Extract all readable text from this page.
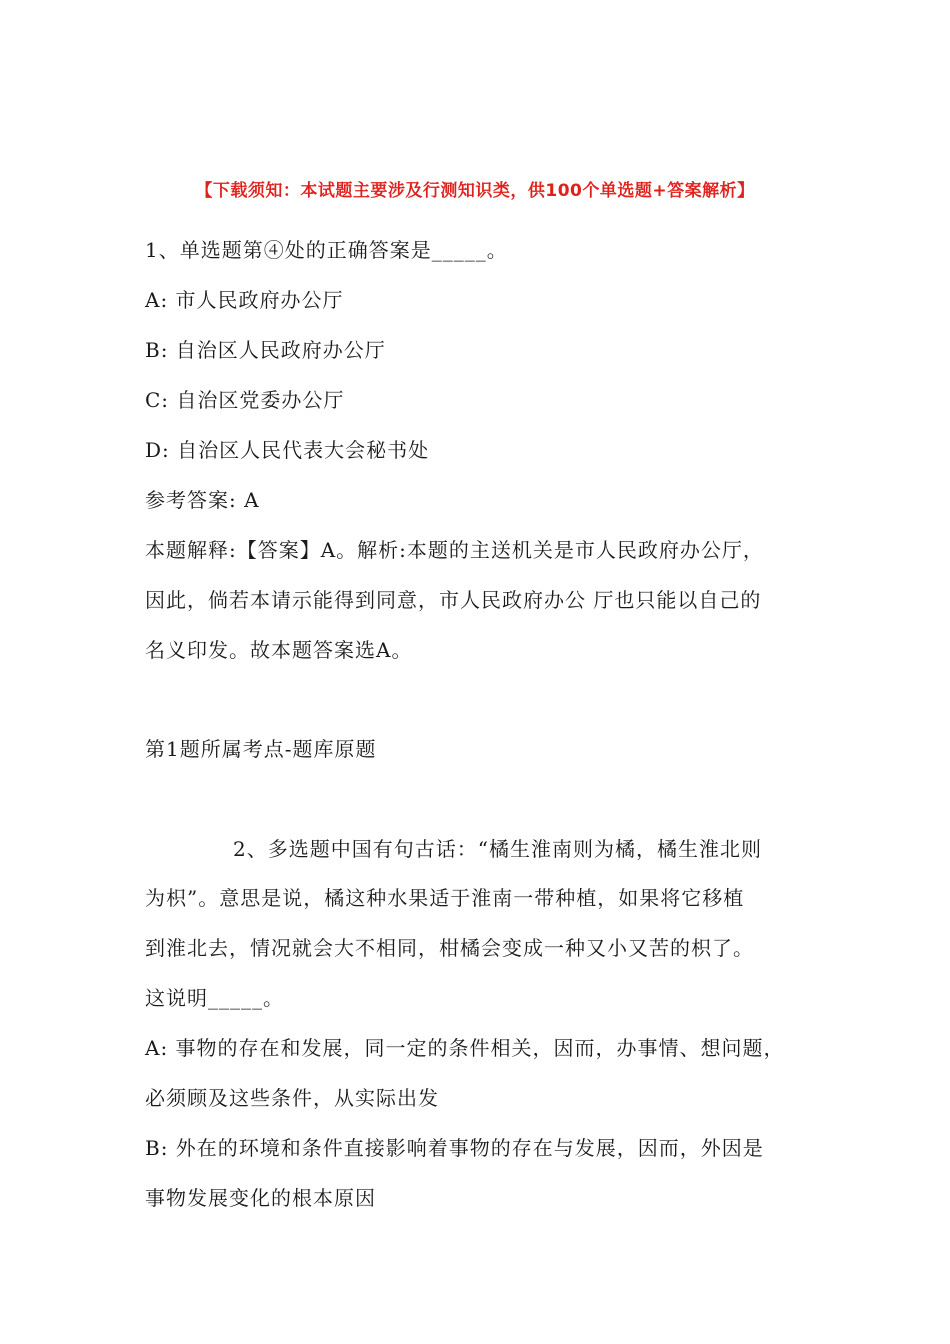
【下载须知：本试题主要涉及行测知识类，供100个单选题+答案解析】
1、单选题第④处的正确答案是_____。
A: 市人民政府办公厅
B: 自治区人民政府办公厅
C: 自治区党委办公厅
D: 自治区人民代表大会秘书处
参考答案: A
本题解释:【答案】A。解析:本题的主送机关是市人民政府办公厅，
因此，倘若本请示能得到同意，市人民政府办公 厅也只能以自己的
名义印发。故本题答案选A。
第1题所属考点-题库原题
2、多选题中国有句古话：“橘生淮南则为橘，橘生淮北则
为枳”。意思是说，橘这种水果适于淮南一带种植，如果将它移植
到淮北去，情况就会大不相同，柑橘会变成一种又小又苦的枳了。
这说明_____。
A: 事物的存在和发展，同一定的条件相关，因而，办事情、想问题，
必须顾及这些条件，从实际出发
B: 外在的环境和条件直接影响着事物的存在与发展，因而，外因是
事物发展变化的根本原因
